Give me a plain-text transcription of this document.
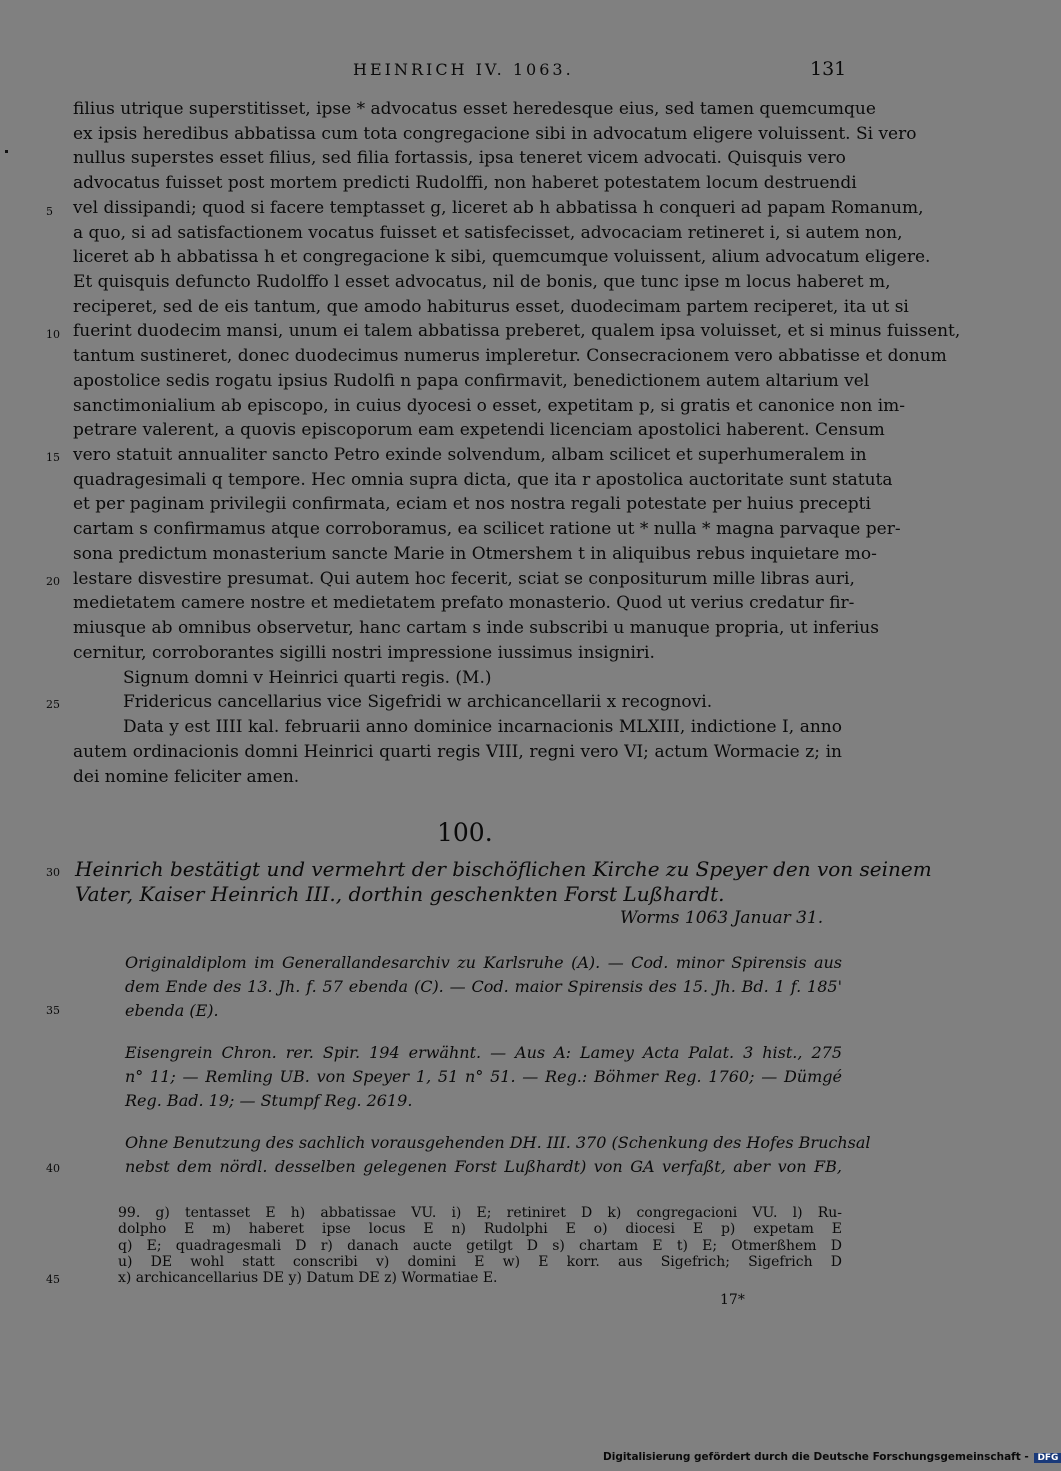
HEINRICH IV. 1063.	131
filius utrique superstitisset, ipse * advocatus esset heredesque eius, sed tamen quemcumque
ex ipsis heredibus abbatissa cum tota congregacione sibi in advocatum eligere voluissent. Si vero
nullus superstes esset filius, sed filia fortassis, ipsa teneret vicem advocati. Quisquis vero
advocatus fuisset post mortem predicti Rudolffi, non haberet potestatem locum destruendi
vel dissipandi; quod si facere temptasset g, liceret ab h abbatissa h conqueri ad papam Romanum,
a quo, si ad satisfactionem vocatus fuisset et satisfecisset, advocaciam retineret i, si autem non,
liceret ab h abbatissa h et congregacione k sibi, quemcumque voluissent, alium advocatum eligere.
Et quisquis defuncto Rudolffo l esset advocatus, nil de bonis, que tunc ipse m locus haberet m,
reciperet, sed de eis tantum, que amodo habiturus esset, duodecimam partem reciperet, ita ut si
fuerint duodecim mansi, unum ei talem abbatissa preberet, qualem ipsa voluisset, et si minus fuissent,
tantum sustineret, donec duodecimus numerus impleretur. Consecracionem vero abbatisse et donum
apostolice sedis rogatu ipsius Rudolfi n papa confirmavit, benedictionem autem altarium vel
sanctimonialium ab episcopo, in cuius dyocesi o esset, expetitam p, si gratis et canonice non im-
petrare valerent, a quovis episcoporum eam expetendi licenciam apostolici haberent. Censum
vero statuit annualiter sancto Petro exinde solvendum, albam scilicet et superhumeralem in
quadragesimali q tempore. Hec omnia supra dicta, que ita r apostolica auctoritate sunt statuta
et per paginam privilegii confirmata, eciam et nos nostra regali potestate per huius precepti
cartam s confirmamus atque corroboramus, ea scilicet ratione ut * nulla * magna parvaque per-
sona predictum monasterium sancte Marie in Otmershem t in aliquibus rebus inquietare mo-
lestare disvestire presumat. Qui autem hoc fecerit, sciat se conpositurum mille libras auri,
medietatem camere nostre et medietatem prefato monasterio. Quod ut verius credatur fir-
miusque ab omnibus observetur, hanc cartam s inde subscribi u manuque propria, ut inferius
cernitur, corroborantes sigilli nostri impressione iussimus insigniri.
Signum domni v Heinrici quarti regis. (M.)
Fridericus cancellarius vice Sigefridi w archicancellarii x recognovi.
Data y est IIII kal. februarii anno dominice incarnacionis MLXIII, indictione I, anno
autem ordinacionis domni Heinrici quarti regis VIII, regni vero VI; actum Wormacie z; in
dei nomine feliciter amen.
5
10
15
20
25
30
35
40
45
100.
Heinrich bestätigt und vermehrt der bischöflichen Kirche zu Speyer den von seinem
Vater, Kaiser Heinrich III., dorthin geschenkten Forst Lußhardt.
Worms 1063 Januar 31.
Originaldiplom im Generallandesarchiv zu Karlsruhe (A). — Cod. minor Spirensis aus
dem Ende des 13. Jh. f. 57 ebenda (C). — Cod. maior Spirensis des 15. Jh. Bd. 1 f. 185'
ebenda (E).
Eisengrein Chron. rer. Spir. 194 erwähnt. — Aus A: Lamey Acta Palat. 3 hist., 275
n° 11; — Remling UB. von Speyer 1, 51 n° 51. — Reg.: Böhmer Reg. 1760; — Dümgé
Reg. Bad. 19; — Stumpf Reg. 2619.
Ohne Benutzung des sachlich vorausgehenden DH. III. 370 (Schenkung des Hofes Bruchsal
nebst dem nördl. desselben gelegenen Forst Lußhardt) von GA verfaßt, aber von FB,
99. g) tentasset E h) abbatissae VU. i) E; retiniret D k) congregacioni VU. l) Ru-
dolpho E m) haberet ipse locus E n) Rudolphi E o) diocesi E p) expetam E
q) E; quadragesmali D r) danach aucte getilgt D s) chartam E t) E; Otmerßhem D
u) DE wohl statt conscribi v) domini E w) E korr. aus Sigefrich; Sigefrich D
x) archicancellarius DE y) Datum DE z) Wormatiae E.
17*
Digitalisierung gefördert durch die Deutsche Forschungsgemeinschaft - DFG
